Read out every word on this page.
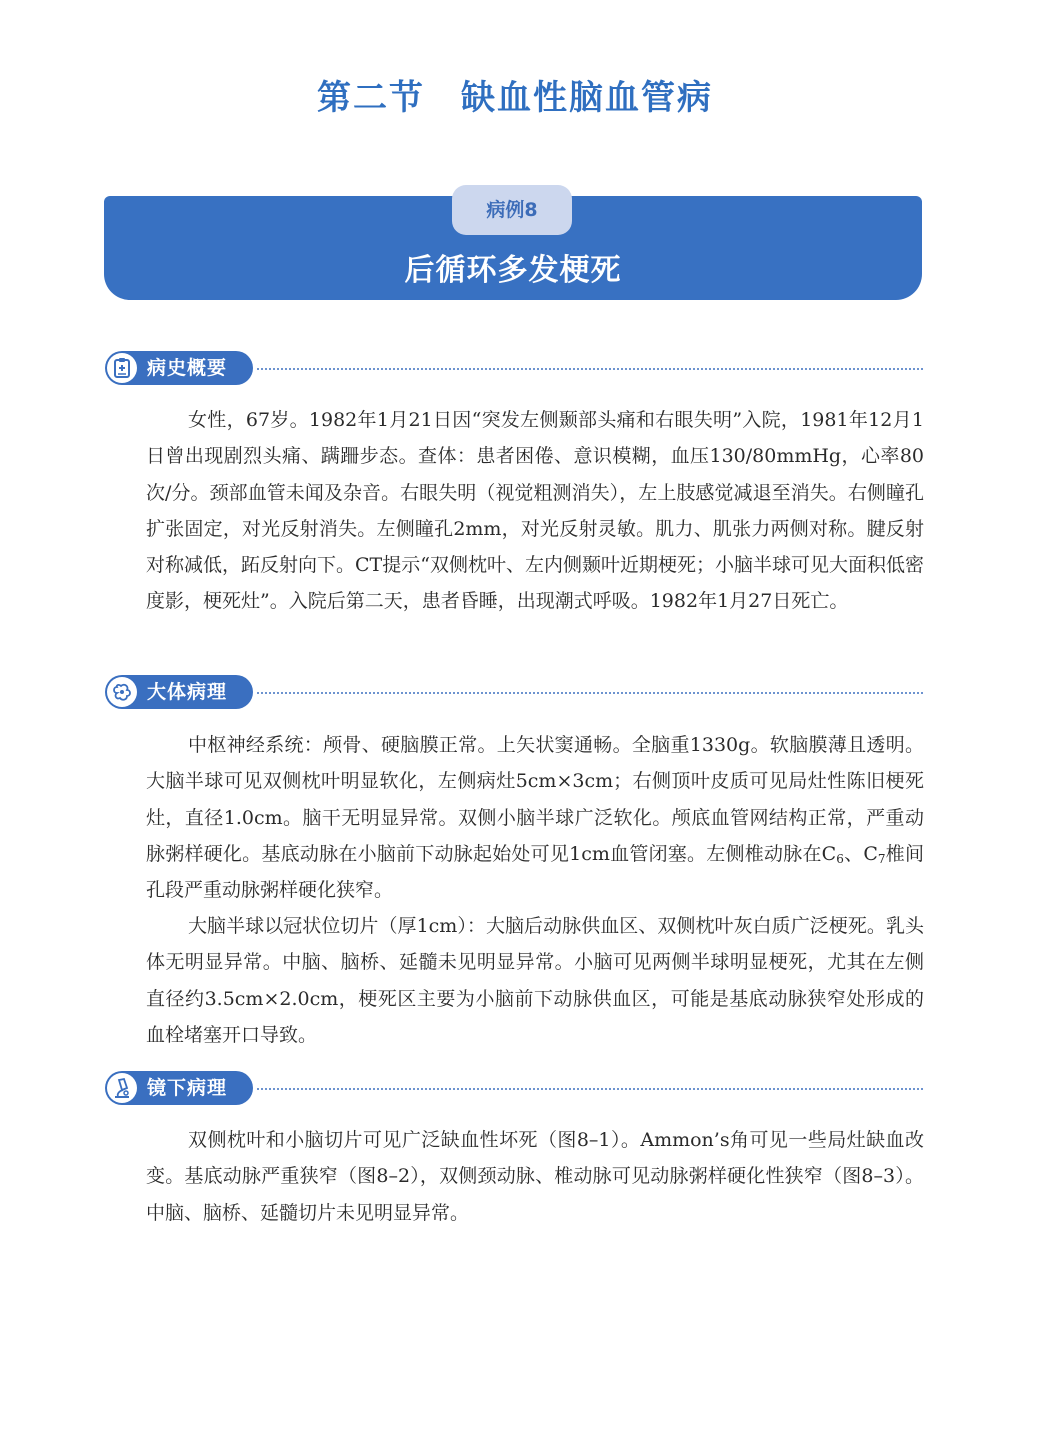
第二节　缺血性脑血管病
病例8
后循环多发梗死
病史概要

女性，67岁。1982年1月21日因“突发左侧颞部头痛和右眼失明”入院，1981年12月1日曾出现剧烈头痛、蹒跚步态。查体：患者困倦、意识模糊，血压130/80mmHg，心率80次/分。颈部血管未闻及杂音。右眼失明（视觉粗测消失），左上肢感觉减退至消失。右侧瞳孔扩张固定，对光反射消失。左侧瞳孔2mm，对光反射灵敏。肌力、肌张力两侧对称。腱反射对称减低，跖反射向下。CT提示“双侧枕叶、左内侧颞叶近期梗死；小脑半球可见大面积低密度影，梗死灶”。入院后第二天，患者昏睡，出现潮式呼吸。1982年1月27日死亡。

大体病理

中枢神经系统：颅骨、硬脑膜正常。上矢状窦通畅。全脑重1330g。软脑膜薄且透明。大脑半球可见双侧枕叶明显软化，左侧病灶5cm×3cm；右侧顶叶皮质可见局灶性陈旧梗死灶，直径1.0cm。脑干无明显异常。双侧小脑半球广泛软化。颅底血管网结构正常，严重动脉粥样硬化。基底动脉在小脑前下动脉起始处可见1cm血管闭塞。左侧椎动脉在$C_6$、$C_7$椎间孔段严重动脉粥样硬化狭窄。

大脑半球以冠状位切片（厚1cm）：大脑后动脉供血区、双侧枕叶灰白质广泛梗死。乳头体无明显异常。中脑、脑桥、延髓未见明显异常。小脑可见两侧半球明显梗死，尤其在左侧直径约3.5cm×2.0cm，梗死区主要为小脑前下动脉供血区，可能是基底动脉狭窄处形成的血栓堵塞开口导致。

镜下病理

双侧枕叶和小脑切片可见广泛缺血性坏死（图8–1）。Ammon’s角可见一些局灶缺血改变。基底动脉严重狭窄（图8–2），双侧颈动脉、椎动脉可见动脉粥样硬化性狭窄（图8–3）。中脑、脑桥、延髓切片未见明显异常。
